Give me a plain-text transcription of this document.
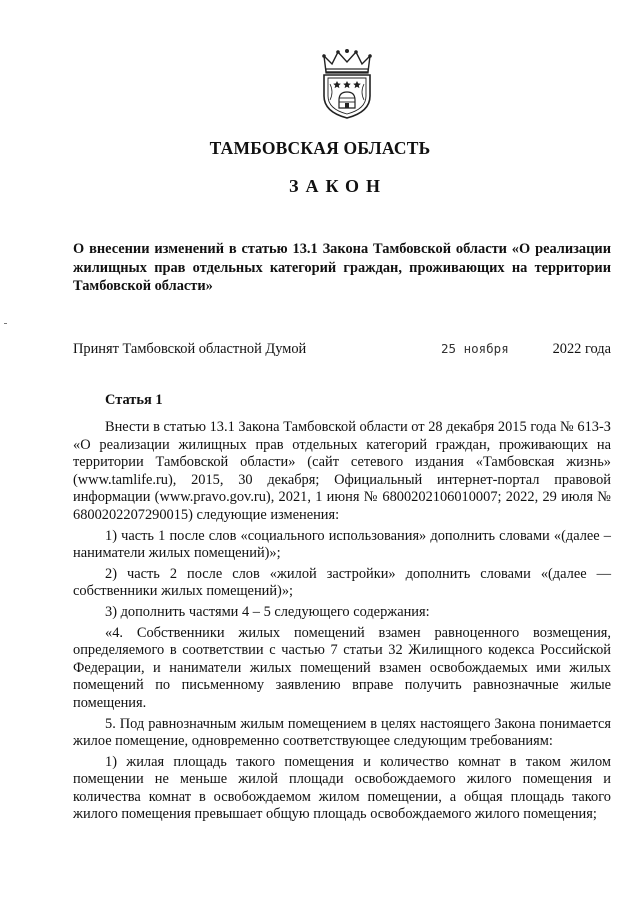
ТАМБОВСКАЯ ОБЛАСТЬ
ЗАКОН
О внесении изменений в статью 13.1 Закона Тамбовской области «О реализации жилищных прав отдельных категорий граждан, проживающих на территории Тамбовской области»
Принят Тамбовской областной Думой	25 ноября	2022 года
Статья 1

Внести в статью 13.1 Закона Тамбовской области от 28 декабря 2015 года № 613-З «О реализации жилищных прав отдельных категорий граждан, проживающих на территории Тамбовской области» (сайт сетевого издания «Тамбовская жизнь» (www.tamlife.ru), 2015, 30 декабря; Официальный интернет-портал правовой информации (www.pravo.gov.ru), 2021, 1 июня № 6800202106010007; 2022, 29 июля № 6800202207290015) следующие изменения:

1) часть 1 после слов «социального использования» дополнить словами «(далее – наниматели жилых помещений)»;

2) часть 2 после слов «жилой застройки» дополнить словами «(далее — собственники жилых помещений)»;

3) дополнить частями 4 – 5 следующего содержания:

«4. Собственники жилых помещений взамен равноценного возмещения, определяемого в соответствии с частью 7 статьи 32 Жилищного кодекса Российской Федерации, и наниматели жилых помещений взамен освобождаемых ими жилых помещений по письменному заявлению вправе получить равнозначные жилые помещения.

5. Под равнозначным жилым помещением в целях настоящего Закона понимается жилое помещение, одновременно соответствующее следующим требованиям:

1) жилая площадь такого помещения и количество комнат в таком жилом помещении не меньше жилой площади освобождаемого жилого помещения и количества комнат в освобождаемом жилом помещении, а общая площадь такого жилого помещения превышает общую площадь освобождаемого жилого помещения;
